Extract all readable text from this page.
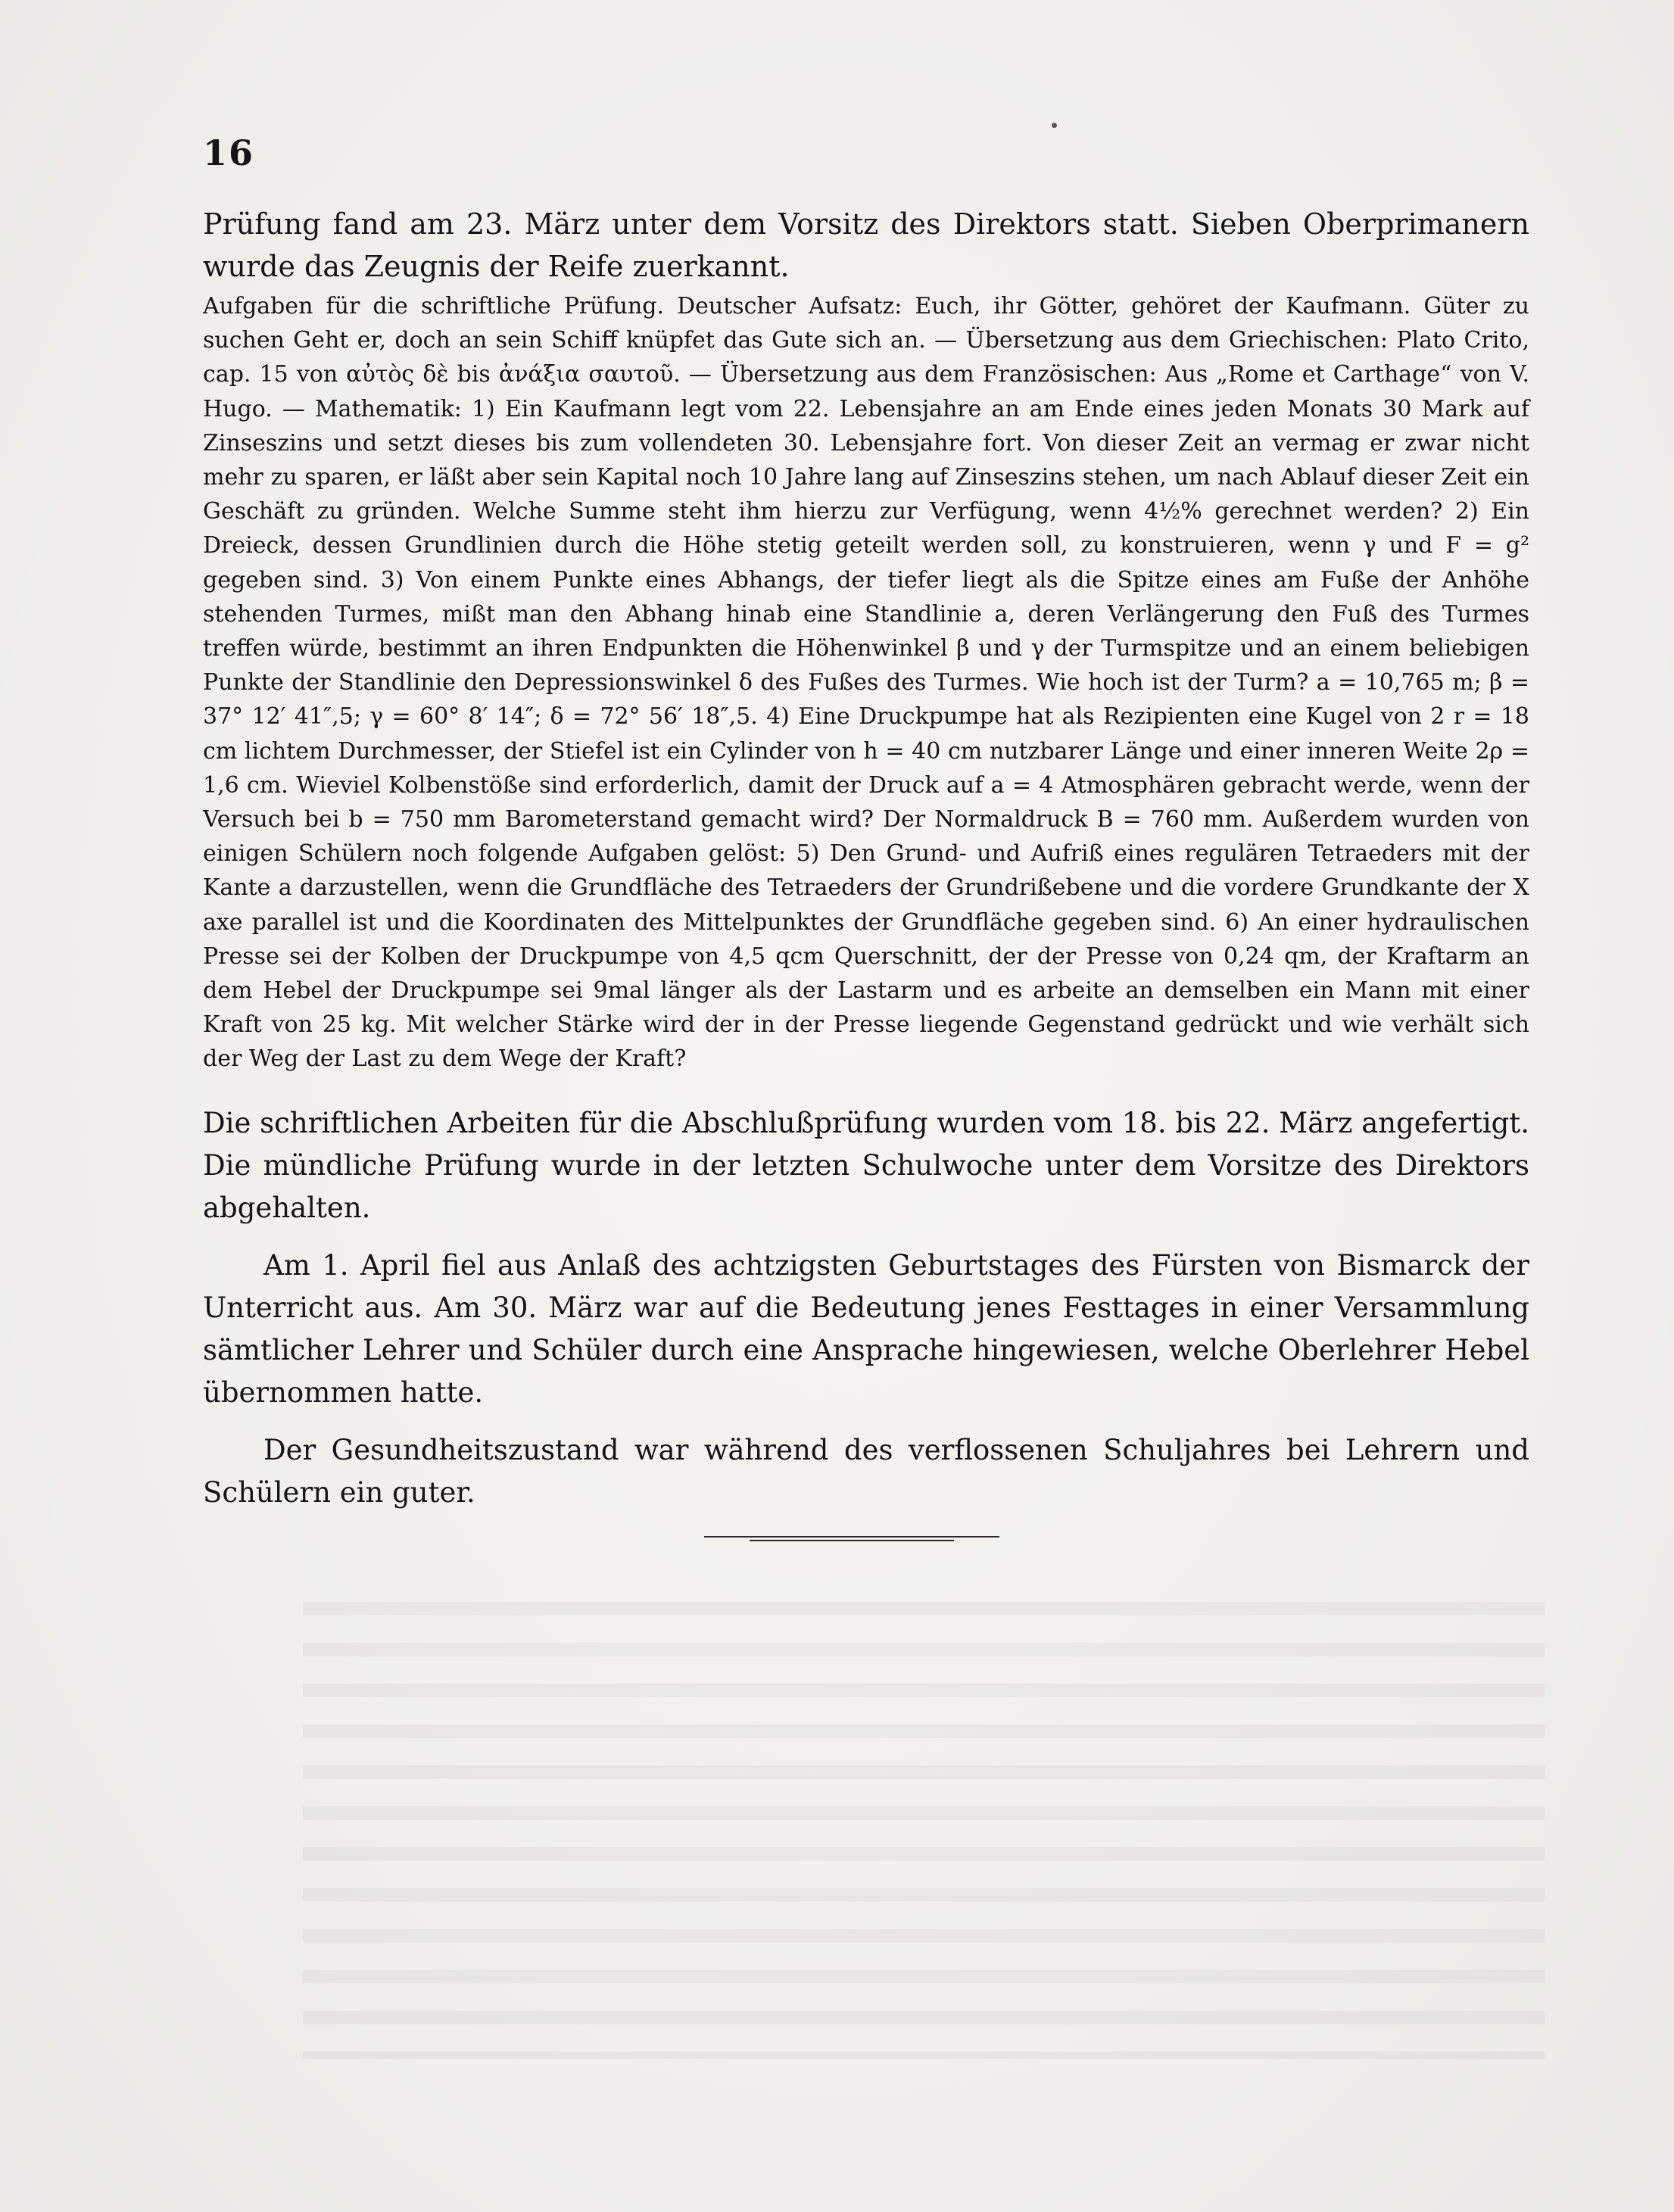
16

Prüfung fand am 23. März unter dem Vorsitz des Direktors statt. Sieben Oberprimanern wurde das Zeugnis der Reife zuerkannt.

Aufgaben für die schriftliche Prüfung. Deutscher Aufsatz: Euch, ihr Götter, gehöret der Kaufmann. Güter zu suchen Geht er, doch an sein Schiff knüpfet das Gute sich an. — Übersetzung aus dem Griechischen: Plato Crito, cap. 15 von αὐτὸς δὲ bis ἀνάξια σαυτοῦ. — Übersetzung aus dem Französischen: Aus „Rome et Carthage“ von V. Hugo. — Mathematik: 1) Ein Kaufmann legt vom 22. Lebensjahre an am Ende eines jeden Monats 30 Mark auf Zinseszins und setzt dieses bis zum vollendeten 30. Lebensjahre fort. Von dieser Zeit an vermag er zwar nicht mehr zu sparen, er läßt aber sein Kapital noch 10 Jahre lang auf Zinseszins stehen, um nach Ablauf dieser Zeit ein Geschäft zu gründen. Welche Summe steht ihm hierzu zur Verfügung, wenn 4½% gerechnet werden? 2) Ein Dreieck, dessen Grundlinien durch die Höhe stetig geteilt werden soll, zu konstruieren, wenn γ und F = g² gegeben sind. 3) Von einem Punkte eines Abhangs, der tiefer liegt als die Spitze eines am Fuße der Anhöhe stehenden Turmes, mißt man den Abhang hinab eine Standlinie a, deren Verlängerung den Fuß des Turmes treffen würde, bestimmt an ihren Endpunkten die Höhenwinkel β und γ der Turmspitze und an einem beliebigen Punkte der Standlinie den Depressionswinkel δ des Fußes des Turmes. Wie hoch ist der Turm? a = 10,765 m; β = 37° 12′ 41″,5; γ = 60° 8′ 14″; δ = 72° 56′ 18″,5. 4) Eine Druckpumpe hat als Rezipienten eine Kugel von 2 r = 18 cm lichtem Durchmesser, der Stiefel ist ein Cylinder von h = 40 cm nutzbarer Länge und einer inneren Weite 2ρ = 1,6 cm. Wieviel Kolbenstöße sind erforderlich, damit der Druck auf a = 4 Atmosphären gebracht werde, wenn der Versuch bei b = 750 mm Barometerstand gemacht wird? Der Normaldruck B = 760 mm. Außerdem wurden von einigen Schülern noch folgende Aufgaben gelöst: 5) Den Grund- und Aufriß eines regulären Tetraeders mit der Kante a darzustellen, wenn die Grundfläche des Tetraeders der Grundrißebene und die vordere Grundkante der X axe parallel ist und die Koordinaten des Mittelpunktes der Grundfläche gegeben sind. 6) An einer hydraulischen Presse sei der Kolben der Druckpumpe von 4,5 qcm Querschnitt, der der Presse von 0,24 qm, der Kraftarm an dem Hebel der Druckpumpe sei 9mal länger als der Lastarm und es arbeite an demselben ein Mann mit einer Kraft von 25 kg. Mit welcher Stärke wird der in der Presse liegende Gegenstand gedrückt und wie verhält sich der Weg der Last zu dem Wege der Kraft?

Die schriftlichen Arbeiten für die Abschlußprüfung wurden vom 18. bis 22. März angefertigt. Die mündliche Prüfung wurde in der letzten Schulwoche unter dem Vorsitze des Direktors abgehalten.

Am 1. April fiel aus Anlaß des achtzigsten Geburtstages des Fürsten von Bismarck der Unterricht aus. Am 30. März war auf die Bedeutung jenes Festtages in einer Versammlung sämtlicher Lehrer und Schüler durch eine Ansprache hingewiesen, welche Oberlehrer Hebel übernommen hatte.

Der Gesundheitszustand war während des verflossenen Schuljahres bei Lehrern und Schülern ein guter.
